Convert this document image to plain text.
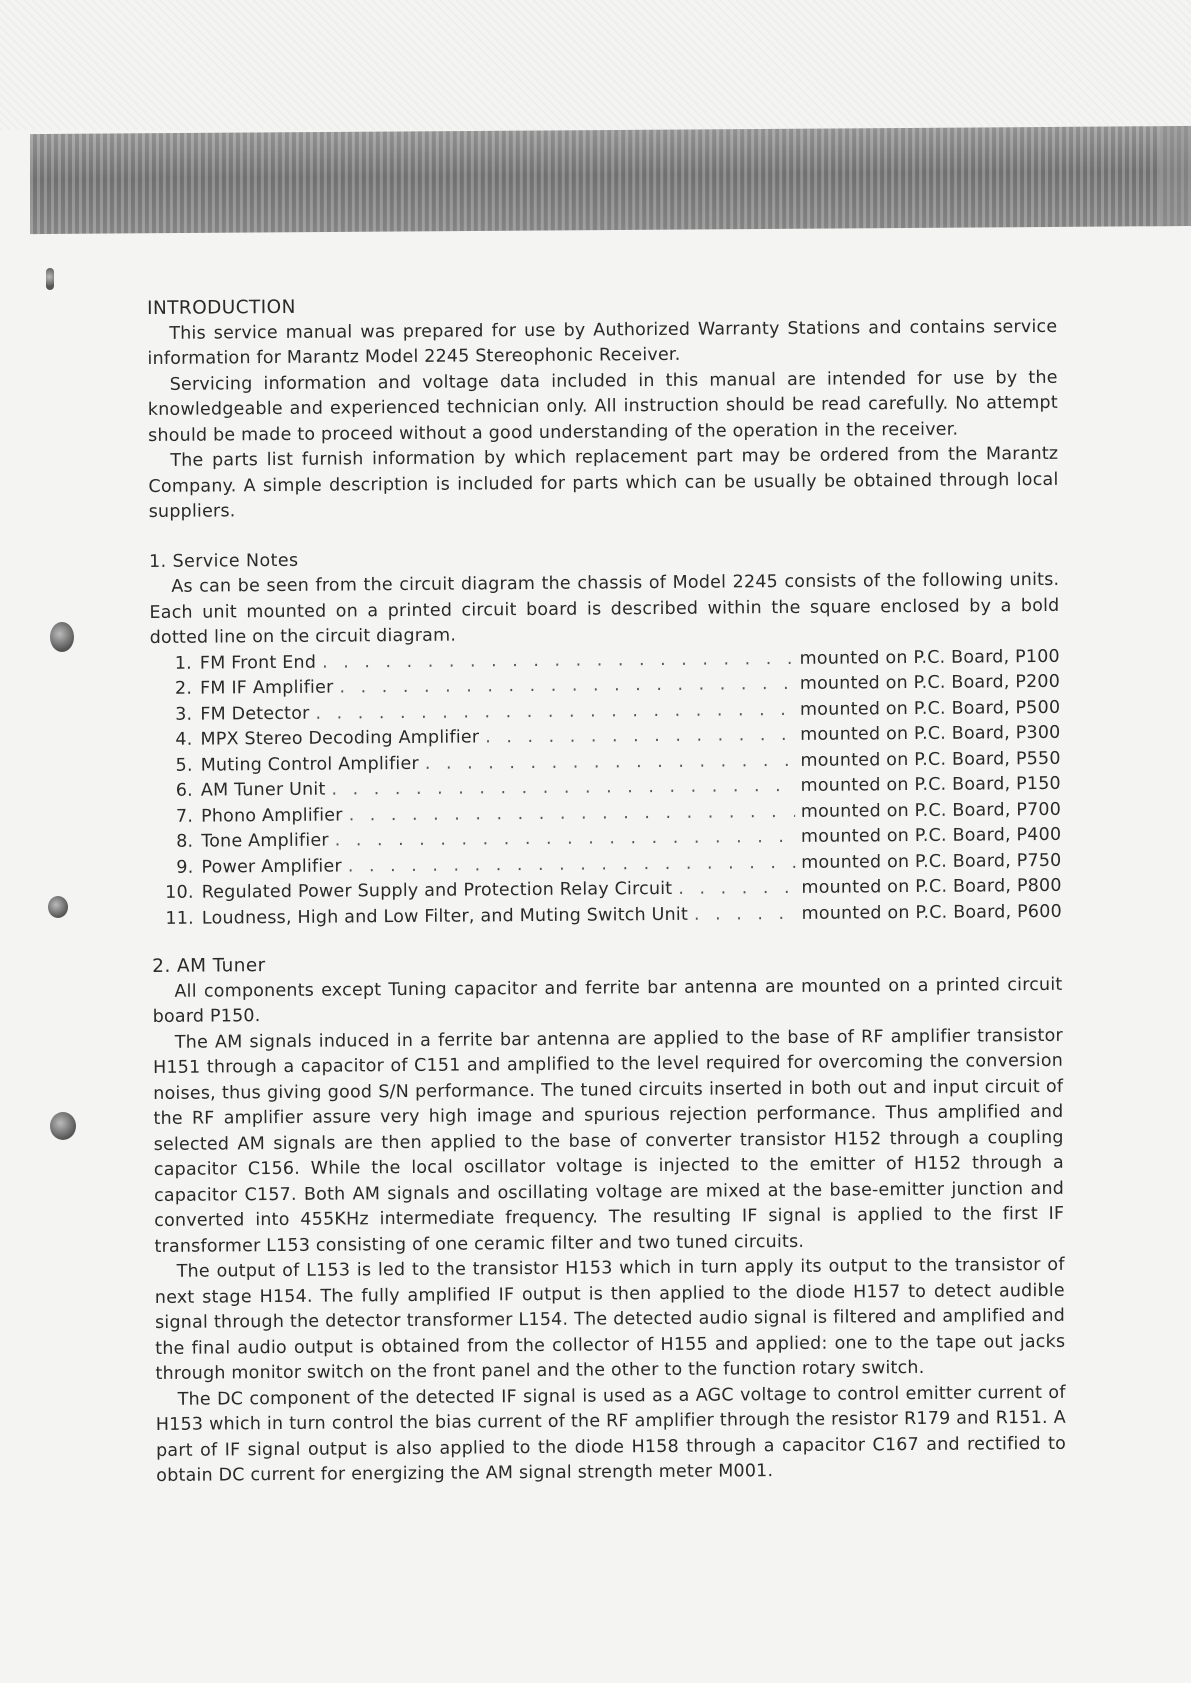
INTRODUCTION

This service manual was prepared for use by Authorized Warranty Stations and contains service information for Marantz Model 2245 Stereophonic Receiver.

Servicing information and voltage data included in this manual are intended for use by the knowledgeable and experienced technician only. All instruction should be read carefully. No attempt should be made to proceed without a good understanding of the operation in the receiver.

The parts list furnish information by which replacement part may be ordered from the Marantz Company. A simple description is included for parts which can be usually be obtained through local suppliers.

1. Service Notes

As can be seen from the circuit diagram the chassis of Model 2245 consists of the following units. Each unit mounted on a printed circuit board is described within the square enclosed by a bold dotted line on the circuit diagram.

1. FM Front End . . .	mounted on P.C. Board, P100
2. FM IF Amplifier . . .	mounted on P.C. Board, P200
3. FM Detector . . .	mounted on P.C. Board, P500
4. MPX Stereo Decoding Amplifier . . .	mounted on P.C. Board, P300
5. Muting Control Amplifier . . .	mounted on P.C. Board, P550
6. AM Tuner Unit . . .	mounted on P.C. Board, P150
7. Phono Amplifier . . .	mounted on P.C. Board, P700
8. Tone Amplifier . . .	mounted on P.C. Board, P400
9. Power Amplifier . . .	mounted on P.C. Board, P750
10. Regulated Power Supply and Protection Relay Circuit . . .	mounted on P.C. Board, P800
11. Loudness, High and Low Filter, and Muting Switch Unit . . .	mounted on P.C. Board, P600
2. AM Tuner

All components except Tuning capacitor and ferrite bar antenna are mounted on a printed circuit board P150.

The AM signals induced in a ferrite bar antenna are applied to the base of RF amplifier transistor H151 through a capacitor of C151 and amplified to the level required for overcoming the conversion noises, thus giving good S/N performance. The tuned circuits inserted in both out and input circuit of the RF amplifier assure very high image and spurious rejection performance. Thus amplified and selected AM signals are then applied to the base of converter transistor H152 through a coupling capacitor C156. While the local oscillator voltage is injected to the emitter of H152 through a capacitor C157. Both AM signals and oscillating voltage are mixed at the base-emitter junction and converted into 455KHz intermediate frequency. The resulting IF signal is applied to the first IF transformer L153 consisting of one ceramic filter and two tuned circuits.

The output of L153 is led to the transistor H153 which in turn apply its output to the transistor of next stage H154. The fully amplified IF output is then applied to the diode H157 to detect audible signal through the detector transformer L154. The detected audio signal is filtered and amplified and the final audio output is obtained from the collector of H155 and applied: one to the tape out jacks through monitor switch on the front panel and the other to the function rotary switch.

The DC component of the detected IF signal is used as a AGC voltage to control emitter current of H153 which in turn control the bias current of the RF amplifier through the resistor R179 and R151. A part of IF signal output is also applied to the diode H158 through a capacitor C167 and rectified to obtain DC current for energizing the AM signal strength meter M001.
